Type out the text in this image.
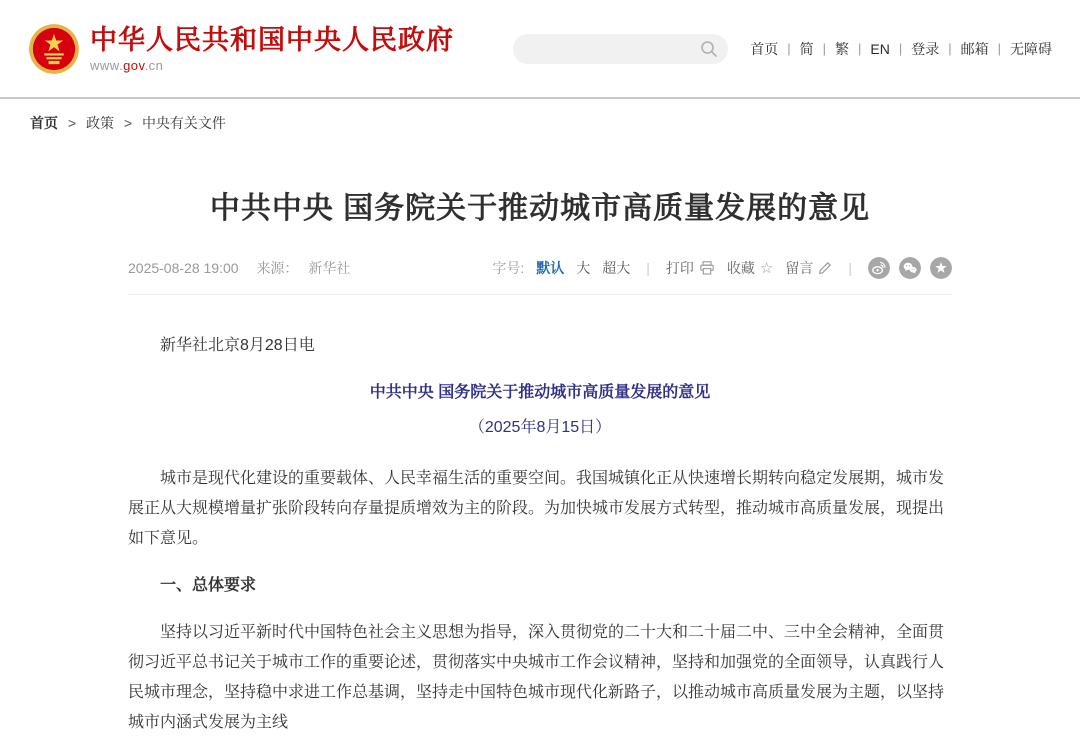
中华人民共和国中央人民政府
www.gov.cn
首页 | 简 | 繁 | EN | 登录 | 邮箱 | 无障碍
首页 > 政策 > 中央有关文件
中共中央 国务院关于推动城市高质量发展的意见
2025-08-28 19:00 来源： 新华社	字号: 默认 大 超大 | 打印 收藏 ☆ 留言	|

新华社北京8月28日电

中共中央 国务院关于推动城市高质量发展的意见

（2025年8月15日）

城市是现代化建设的重要载体、人民幸福生活的重要空间。我国城镇化正从快速增长期转向稳定发展期，城市发展正从大规模增量扩张阶段转向存量提质增效为主的阶段。为加快城市发展方式转型，推动城市高质量发展，现提出如下意见。

一、总体要求

坚持以习近平新时代中国特色社会主义思想为指导，深入贯彻党的二十大和二十届二中、三中全会精神，全面贯彻习近平总书记关于城市工作的重要论述，贯彻落实中央城市工作会议精神，坚持和加强党的全面领导，认真践行人民城市理念，坚持稳中求进工作总基调，坚持走中国特色城市现代化新路子，以推动城市高质量发展为主题，以坚持城市内涵式发展为主线
